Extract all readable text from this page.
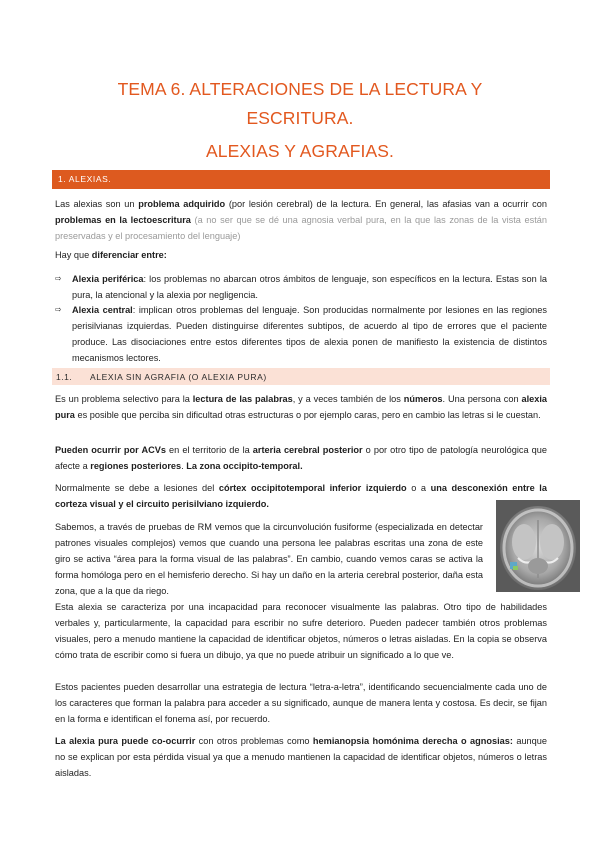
TEMA 6. ALTERACIONES DE LA LECTURA Y
ESCRITURA.
ALEXIAS Y AGRAFIAS.
1. ALEXIAS.

Las alexias son un problema adquirido (por lesión cerebral) de la lectura. En general, las afasias van a ocurrir con problemas en la lectoescritura (a no ser que se dé una agnosia verbal pura, en la que las zonas de la vista están preservadas y el procesamiento del lenguaje)

Hay que diferenciar entre:

⇨	Alexia periférica: los problemas no abarcan otros ámbitos de lenguaje, son específicos en la lectura. Estas son la pura, la atencional y la alexia por negligencia.

⇨	Alexia central: implican otros problemas del lenguaje. Son producidas normalmente por lesiones en las regiones perisilvianas izquierdas. Pueden distinguirse diferentes subtipos, de acuerdo al tipo de errores que el paciente produce. Las disociaciones entre estos diferentes tipos de alexia ponen de manifiesto la existencia de distintos mecanismos lectores.

1.1. ALEXIA SIN AGRAFIA (O ALEXIA PURA)

Es un problema selectivo para la lectura de las palabras, y a veces también de los números. Una persona con alexia pura es posible que perciba sin dificultad otras estructuras o por ejemplo caras, pero en cambio las letras si le cuestan.

Pueden ocurrir por ACVs en el territorio de la arteria cerebral posterior o por otro tipo de patología neurológica que afecte a regiones posteriores. La zona occipito-temporal.

Normalmente se debe a lesiones del córtex occipitotemporal inferior izquierdo o a una desconexión entre la corteza visual y el circuito perisilviano izquierdo.

Sabemos, a través de pruebas de RM vemos que la circunvolución fusiforme (especializada en detectar patrones visuales complejos) vemos que cuando una persona lee palabras escritas una zona de este giro se activa “área para la forma visual de las palabras”. En cambio, cuando vemos caras se activa la forma homóloga pero en el hemisferio derecho. Si hay un daño en la arteria cerebral posterior, daña esta zona, que a la que da riego.

Esta alexia se caracteriza por una incapacidad para reconocer visualmente las palabras. Otro tipo de habilidades verbales y, particularmente, la capacidad para escribir no sufre deterioro. Pueden padecer también otros problemas visuales, pero a menudo mantiene la capacidad de identificar objetos, números o letras aisladas. En la copia se observa cómo trata de escribir como si fuera un dibujo, ya que no puede atribuir un significado a lo que ve.

Estos pacientes pueden desarrollar una estrategia de lectura “letra-a-letra”, identificando secuencialmente cada uno de los caracteres que forman la palabra para acceder a su significado, aunque de manera lenta y costosa. Es decir, se fijan en la forma e identifican el fonema así, por recuerdo.

La alexia pura puede co-ocurrir con otros problemas como hemianopsia homónima derecha o agnosias: aunque no se explican por esta pérdida visual ya que a menudo mantienen la capacidad de identificar objetos, números o letras aisladas.
